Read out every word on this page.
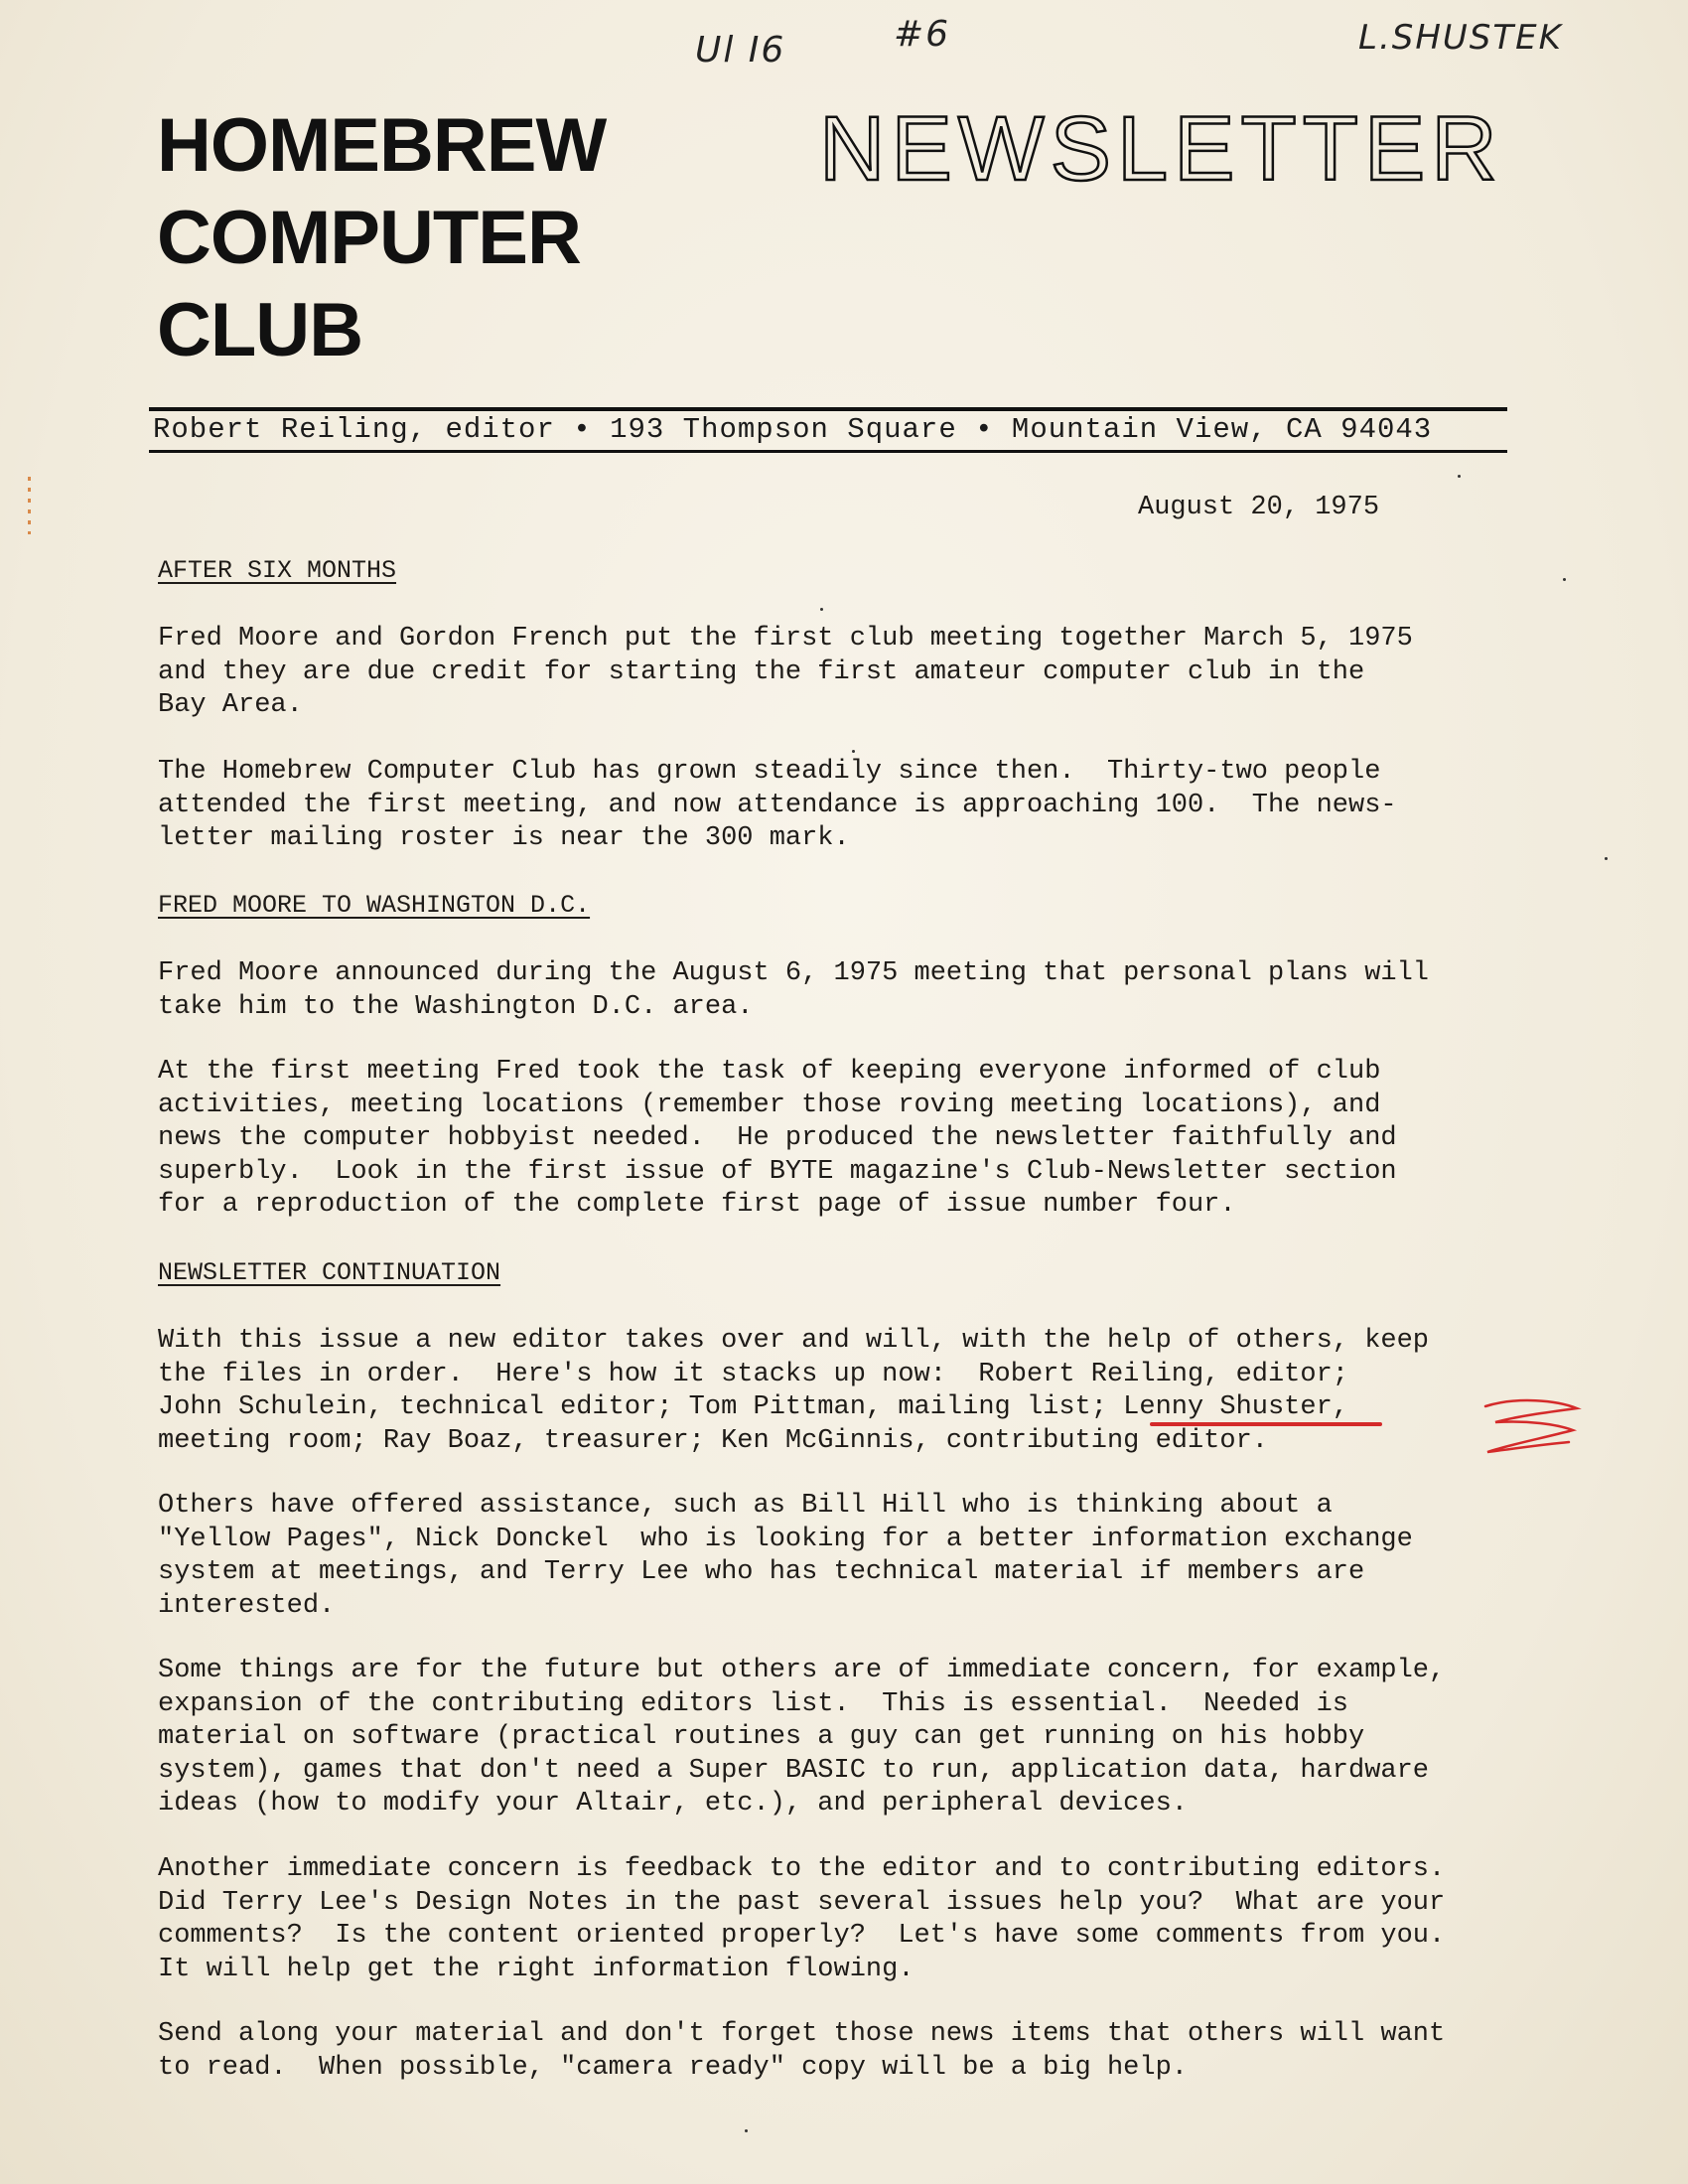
Ul I6	#6	L.SHUSTEK
HOMEBREW
COMPUTER
CLUB
NEWSLETTER
Robert Reiling, editor • 193 Thompson Square • Mountain View, CA 94043
August 20, 1975
AFTER SIX MONTHS
Fred Moore and Gordon French put the first club meeting together March 5, 1975
and they are due credit for starting the first amateur computer club in the
Bay Area.
The Homebrew Computer Club has grown steadily since then.  Thirty-two people
attended the first meeting, and now attendance is approaching 100.  The news-
letter mailing roster is near the 300 mark.
FRED MOORE TO WASHINGTON D.C.
Fred Moore announced during the August 6, 1975 meeting that personal plans will
take him to the Washington D.C. area.
At the first meeting Fred took the task of keeping everyone informed of club
activities, meeting locations (remember those roving meeting locations), and
news the computer hobbyist needed.  He produced the newsletter faithfully and
superbly.  Look in the first issue of BYTE magazine's Club-Newsletter section
for a reproduction of the complete first page of issue number four.
NEWSLETTER CONTINUATION
With this issue a new editor takes over and will, with the help of others, keep
the files in order.  Here's how it stacks up now:  Robert Reiling, editor;
John Schulein, technical editor; Tom Pittman, mailing list; Lenny Shuster,
meeting room; Ray Boaz, treasurer; Ken McGinnis, contributing editor.
Others have offered assistance, such as Bill Hill who is thinking about a
"Yellow Pages", Nick Donckel  who is looking for a better information exchange
system at meetings, and Terry Lee who has technical material if members are
interested.
Some things are for the future but others are of immediate concern, for example,
expansion of the contributing editors list.  This is essential.  Needed is
material on software (practical routines a guy can get running on his hobby
system), games that don't need a Super BASIC to run, application data, hardware
ideas (how to modify your Altair, etc.), and peripheral devices.
Another immediate concern is feedback to the editor and to contributing editors.
Did Terry Lee's Design Notes in the past several issues help you?  What are your
comments?  Is the content oriented properly?  Let's have some comments from you.
It will help get the right information flowing.
Send along your material and don't forget those news items that others will want
to read.  When possible, "camera ready" copy will be a big help.
